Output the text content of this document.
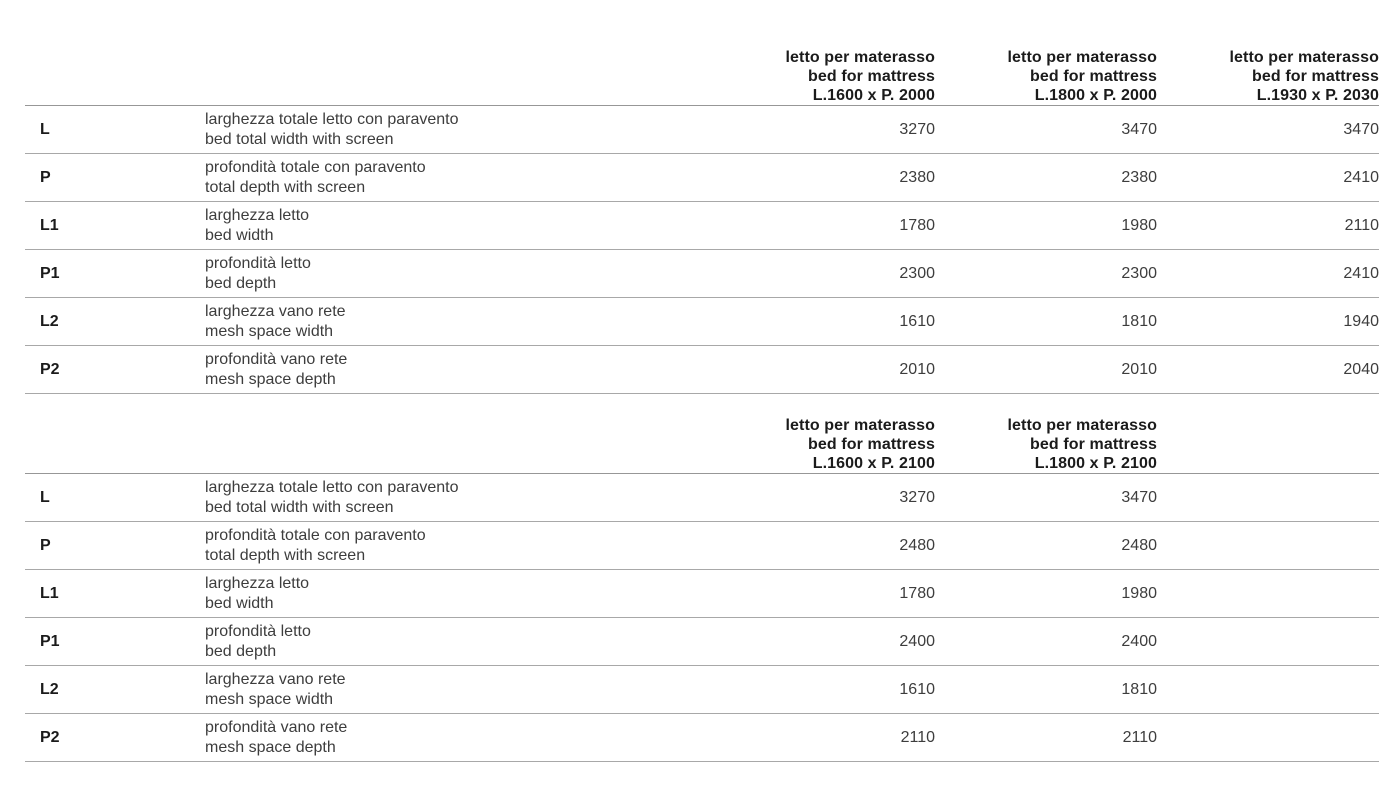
letto per materasso
bed for mattress
L.1600 x P. 2000
letto per materasso
bed for mattress
L.1800 x P. 2000
letto per materasso
bed for mattress
L.1930 x P. 2030
L
larghezza totale letto con paravento
bed total width with screen
3270	3470	3470
P
profondità totale con paravento
total depth with screen
2380	2380	2410
L1
larghezza letto
bed width
1780	1980	2110
P1
profondità letto
bed depth
2300	2300	2410
L2
larghezza vano rete
mesh space width
1610	1810	1940
P2
profondità vano rete
mesh space depth
2010	2010	2040
letto per materasso
bed for mattress
L.1600 x P. 2100
letto per materasso
bed for mattress
L.1800 x P. 2100
L
larghezza totale letto con paravento
bed total width with screen
3270	3470
P
profondità totale con paravento
total depth with screen
2480	2480
L1
larghezza letto
bed width
1780	1980
P1
profondità letto
bed depth
2400	2400
L2
larghezza vano rete
mesh space width
1610	1810
P2
profondità vano rete
mesh space depth
2110	2110
